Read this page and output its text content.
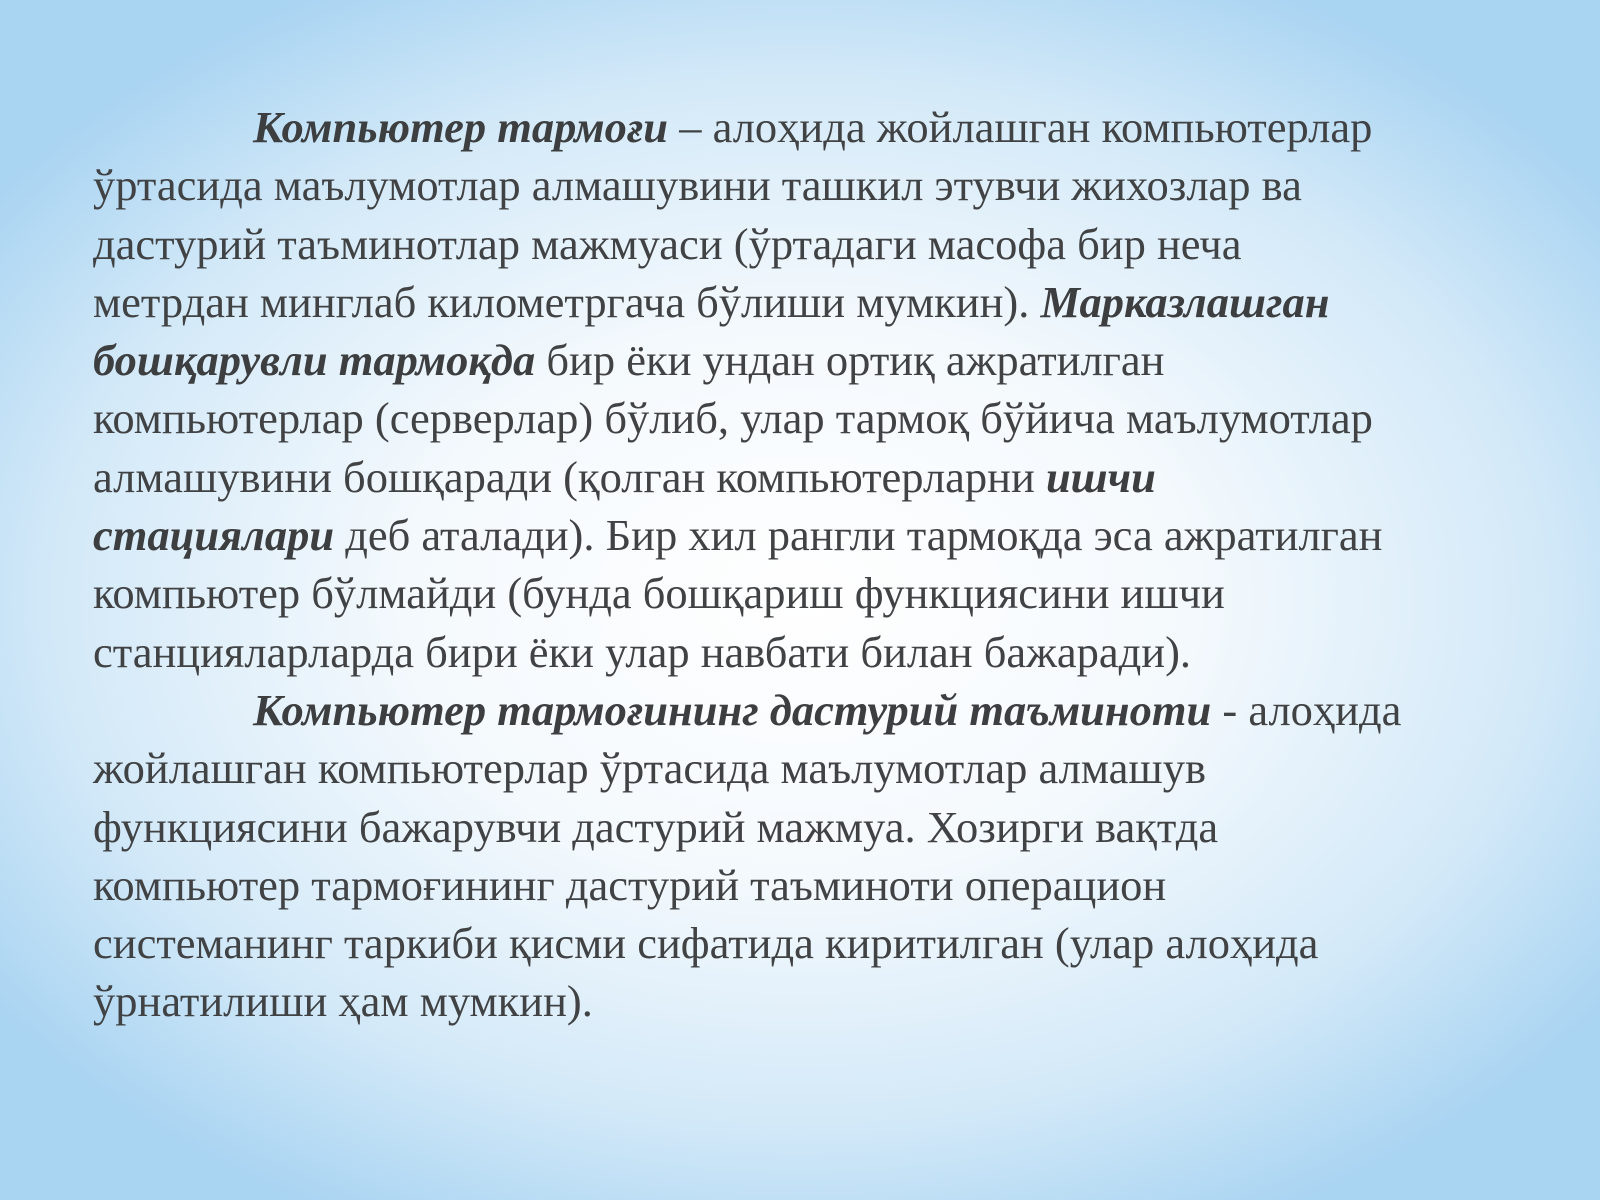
Компьютер тармоғи – алоҳида жойлашган компьютерлар
ўртасида маълумотлар алмашувини ташкил этувчи жихозлар ва
дастурий таъминотлар мажмуаси (ўртадаги масофа бир неча
метрдан минглаб километргача бўлиши мумкин). Марказлашган
бошқарувли тармоқда бир ёки ундан ортиқ ажратилган
компьютерлар (серверлар) бўлиб, улар тармоқ бўйича маълумотлар
алмашувини бошқаради (қолган компьютерларни ишчи
стациялари деб аталади). Бир хил рангли тармоқда эса ажратилган
компьютер бўлмайди (бунда бошқариш функциясини ишчи
станцияларларда бири ёки улар навбати билан бажаради).
Компьютер тармоғининг дастурий таъминоти - алоҳида
жойлашган компьютерлар ўртасида маълумотлар алмашув
функциясини бажарувчи дастурий мажмуа. Хозирги вақтда
компьютер тармоғининг дастурий таъминоти операцион
системанинг таркиби қисми сифатида киритилган (улар алоҳида
ўрнатилиши ҳам мумкин).
